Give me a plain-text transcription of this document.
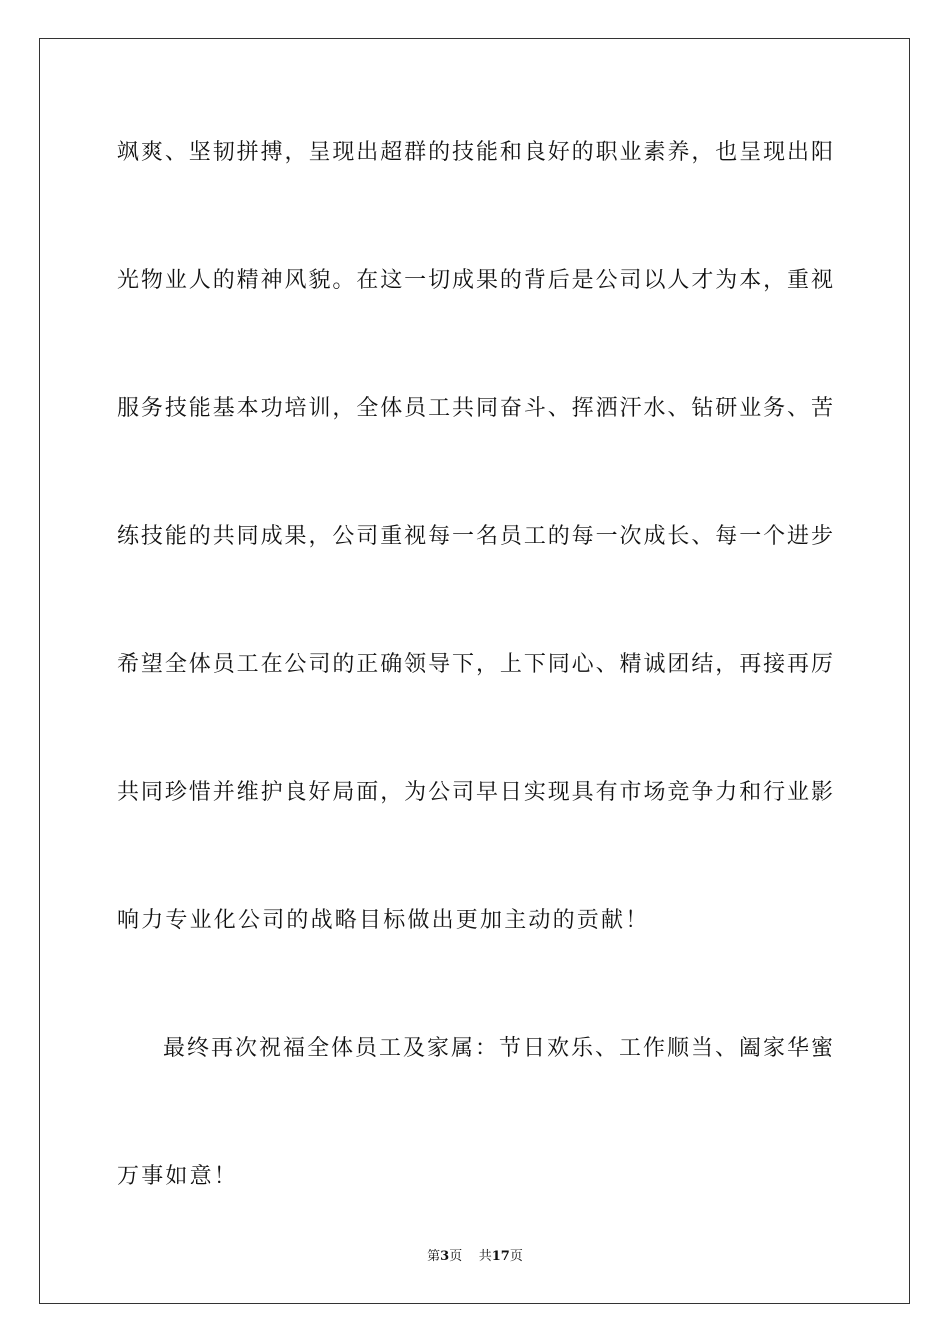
飒爽、坚韧拼搏，呈现出超群的技能和良好的职业素养，也呈现出阳
光物业人的精神风貌。在这一切成果的背后是公司以人才为本，重视
服务技能基本功培训，全体员工共同奋斗、挥洒汗水、钻研业务、苦
练技能的共同成果，公司重视每一名员工的每一次成长、每一个进步
希望全体员工在公司的正确领导下，上下同心、精诚团结，再接再厉
共同珍惜并维护良好局面，为公司早日实现具有市场竞争力和行业影
响力专业化公司的战略目标做出更加主动的贡献！
最终再次祝福全体员工及家属：节日欢乐、工作顺当、阖家华蜜
万事如意！
第3页 共17页
